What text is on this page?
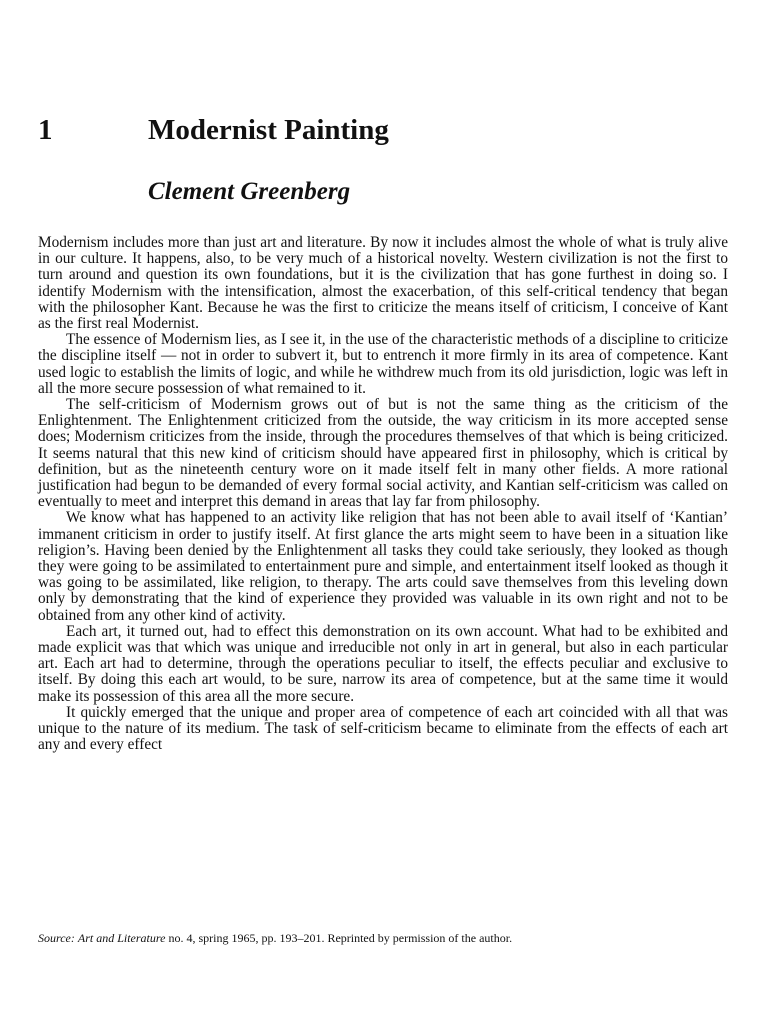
1	Modernist Painting
Clement Greenberg

Modernism includes more than just art and literature. By now it includes almost the whole of what is truly alive in our culture. It happens, also, to be very much of a historical novelty. Western civilization is not the first to turn around and question its own foundations, but it is the civilization that has gone furthest in doing so. I identify Modernism with the intensification, almost the exacerbation, of this self-critical tendency that began with the philosopher Kant. Because he was the first to criticize the means itself of criticism, I conceive of Kant as the first real Modernist.

The essence of Modernism lies, as I see it, in the use of the characteristic methods of a discipline to criticize the discipline itself — not in order to subvert it, but to entrench it more firmly in its area of competence. Kant used logic to establish the limits of logic, and while he withdrew much from its old jurisdiction, logic was left in all the more secure possession of what remained to it.

The self-criticism of Modernism grows out of but is not the same thing as the criticism of the Enlightenment. The Enlightenment criticized from the outside, the way criticism in its more accepted sense does; Modernism criticizes from the inside, through the procedures themselves of that which is being criticized. It seems natural that this new kind of criticism should have appeared first in philosophy, which is critical by definition, but as the nineteenth century wore on it made itself felt in many other fields. A more rational justification had begun to be demanded of every formal social activity, and Kantian self-criticism was called on eventually to meet and interpret this demand in areas that lay far from philosophy.

We know what has happened to an activity like religion that has not been able to avail itself of ‘Kantian’ immanent criticism in order to justify itself. At first glance the arts might seem to have been in a situation like religion’s. Having been denied by the Enlightenment all tasks they could take seriously, they looked as though they were going to be assimilated to entertainment pure and simple, and entertainment itself looked as though it was going to be assimilated, like religion, to therapy. The arts could save themselves from this leveling down only by demonstrating that the kind of experience they provided was valuable in its own right and not to be obtained from any other kind of activity.

Each art, it turned out, had to effect this demonstration on its own account. What had to be exhibited and made explicit was that which was unique and irreducible not only in art in general, but also in each particular art. Each art had to determine, through the operations peculiar to itself, the effects peculiar and exclusive to itself. By doing this each art would, to be sure, narrow its area of competence, but at the same time it would make its possession of this area all the more secure.

It quickly emerged that the unique and proper area of competence of each art coincided with all that was unique to the nature of its medium. The task of self-criticism became to eliminate from the effects of each art any and every effect

Source: Art and Literature no. 4, spring 1965, pp. 193–201. Reprinted by permission of the author.
